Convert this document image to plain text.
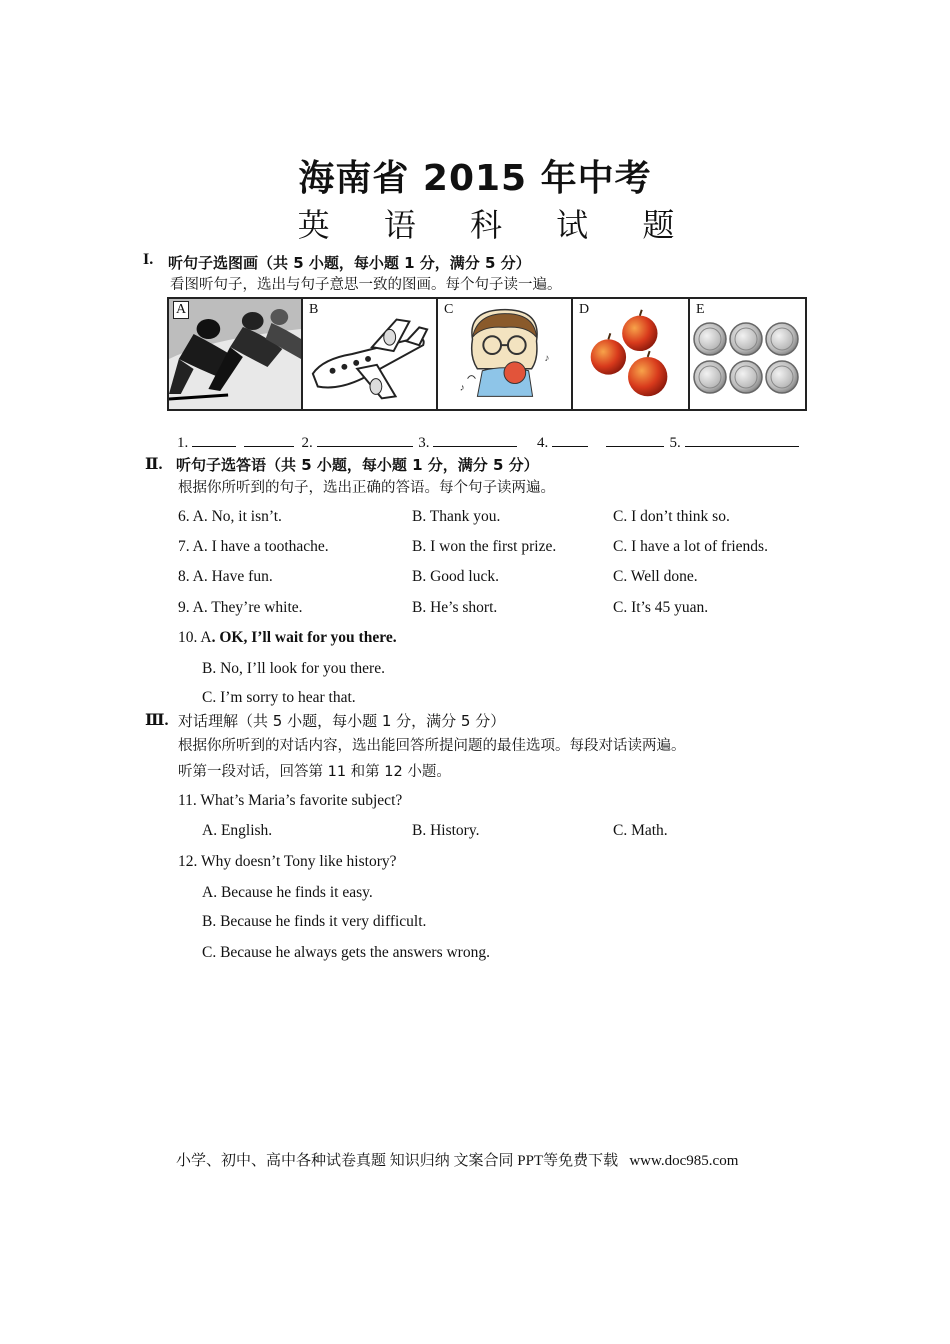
海南省 2015 年中考
英 语 科 试 题
I. 听句子选图画（共 5 小题，每小题 1 分，满分 5 分）
看图听句子，选出与句子意思一致的图画。每个句子读一遍。
A	B
♪
♪
C	D	E
1.	2.	3.	4.	5.
Ⅱ. 听句子选答语（共 5 小题，每小题 1 分，满分 5 分）
根据你所听到的句子，选出正确的答语。每个句子读两遍。
6. A. No, it isn’t.	B. Thank you.	C. I don’t think so.
7. A. I have a toothache.	B. I won the first prize.	C. I have a lot of friends.
8. A. Have fun.	B. Good luck.	C. Well done.
9. A. They’re white.	B. He’s short.	C. It’s 45 yuan.
10. A. OK, I’ll wait for you there.
B. No, I’ll look for you there.
C. I’m sorry to hear that.
Ⅲ. 对话理解（共 5 小题，每小题 1 分，满分 5 分）
根据你所听到的对话内容，选出能回答所提问题的最佳选项。每段对话读两遍。
听第一段对话，回答第 11 和第 12 小题。
11. What’s Maria’s favorite subject?
A. English.	B. History.	C. Math.
12. Why doesn’t Tony like history?
A. Because he finds it easy.
B. Because he finds it very difficult.
C. Because he always gets the answers wrong.
小学、初中、高中各种试卷真题 知识归纳 文案合同 PPT等免费下载   www.doc985.com
